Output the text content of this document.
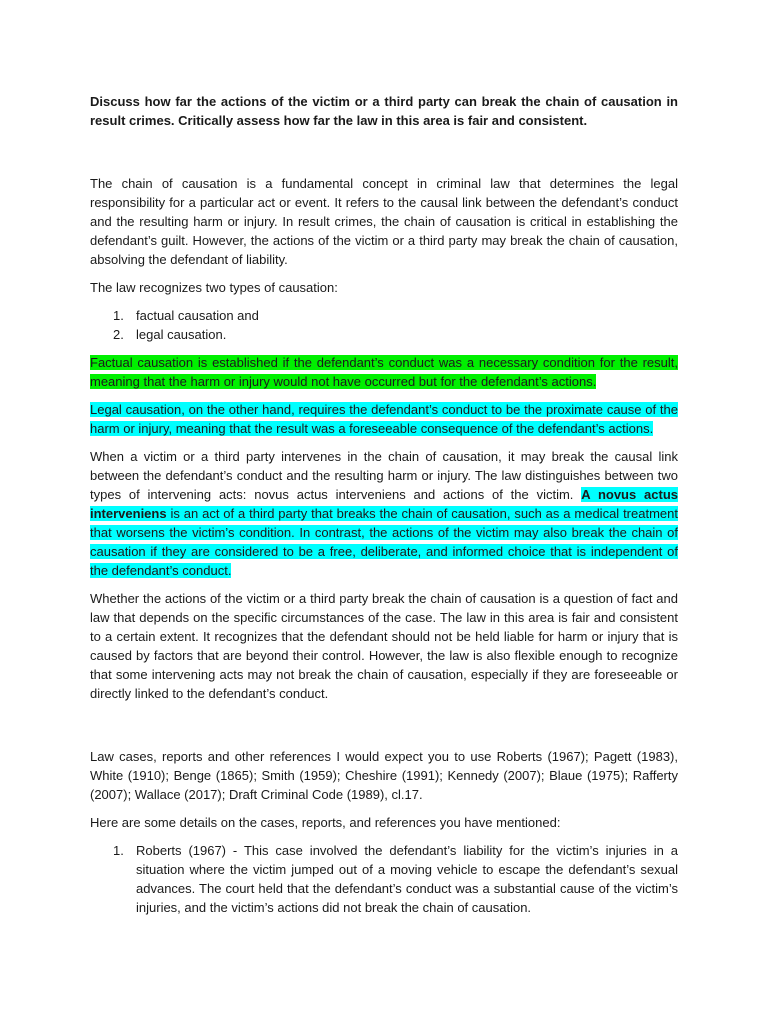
Discuss how far the actions of the victim or a third party can break the chain of causation in result crimes. Critically assess how far the law in this area is fair and consistent.

The chain of causation is a fundamental concept in criminal law that determines the legal responsibility for a particular act or event. It refers to the causal link between the defendant’s conduct and the resulting harm or injury. In result crimes, the chain of causation is critical in establishing the defendant’s guilt. However, the actions of the victim or a third party may break the chain of causation, absolving the defendant of liability.

The law recognizes two types of causation:

1. factual causation and
2. legal causation.

Factual causation is established if the defendant’s conduct was a necessary condition for the result, meaning that the harm or injury would not have occurred but for the defendant’s actions.

Legal causation, on the other hand, requires the defendant’s conduct to be the proximate cause of the harm or injury, meaning that the result was a foreseeable consequence of the defendant’s actions.

When a victim or a third party intervenes in the chain of causation, it may break the causal link between the defendant’s conduct and the resulting harm or injury. The law distinguishes between two types of intervening acts: novus actus interveniens and actions of the victim. A novus actus interveniens is an act of a third party that breaks the chain of causation, such as a medical treatment that worsens the victim’s condition. In contrast, the actions of the victim may also break the chain of causation if they are considered to be a free, deliberate, and informed choice that is independent of the defendant’s conduct.

Whether the actions of the victim or a third party break the chain of causation is a question of fact and law that depends on the specific circumstances of the case. The law in this area is fair and consistent to a certain extent. It recognizes that the defendant should not be held liable for harm or injury that is caused by factors that are beyond their control. However, the law is also flexible enough to recognize that some intervening acts may not break the chain of causation, especially if they are foreseeable or directly linked to the defendant’s conduct.

Law cases, reports and other references I would expect you to use Roberts (1967); Pagett (1983), White (1910); Benge (1865); Smith (1959); Cheshire (1991); Kennedy (2007); Blaue (1975); Rafferty (2007); Wallace (2017); Draft Criminal Code (1989), cl.17.

Here are some details on the cases, reports, and references you have mentioned:

1. Roberts (1967) - This case involved the defendant’s liability for the victim’s injuries in a situation where the victim jumped out of a moving vehicle to escape the defendant’s sexual advances. The court held that the defendant’s conduct was a substantial cause of the victim’s injuries, and the victim’s actions did not break the chain of causation.
